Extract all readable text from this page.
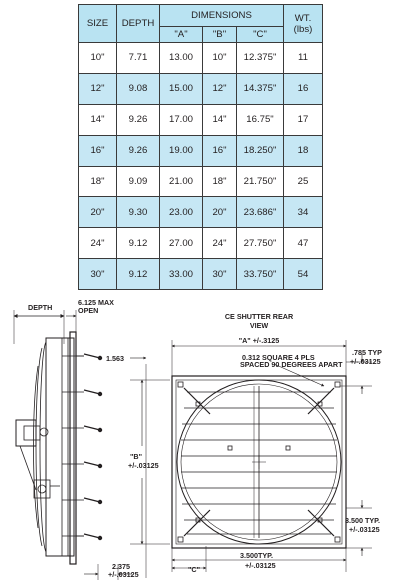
SIZE	DEPTH	DIMENSIONS			WT.
(lbs)
		"A"	"B"	"C"	
10"	7.71	13.00	10"	12.375"	11
12"	9.08	15.00	12"	14.375"	16
14"	9.26	17.00	14"	16.75"	17
16"	9.26	19.00	16"	18.250"	18
18"	9.09	21.00	18"	21.750"	25
20"	9.30	23.00	20"	23.686"	34
24"	9.12	27.00	24"	27.750"	47
30"	9.12	33.00	30"	33.750"	54
DEPTH
6.125 MAX
OPEN
1.563
2.375
+/-.03125
CE SHUTTER REAR
VIEW
"A" +/-.3125
0.312 SQUARE 4 PLS
SPACED 90 DEGREES APART
.785 TYP
+/-.03125
"B"
+/-.03125
3.500 TYP.
+/-.03125
3.500TYP.
+/-.03125
"C"
